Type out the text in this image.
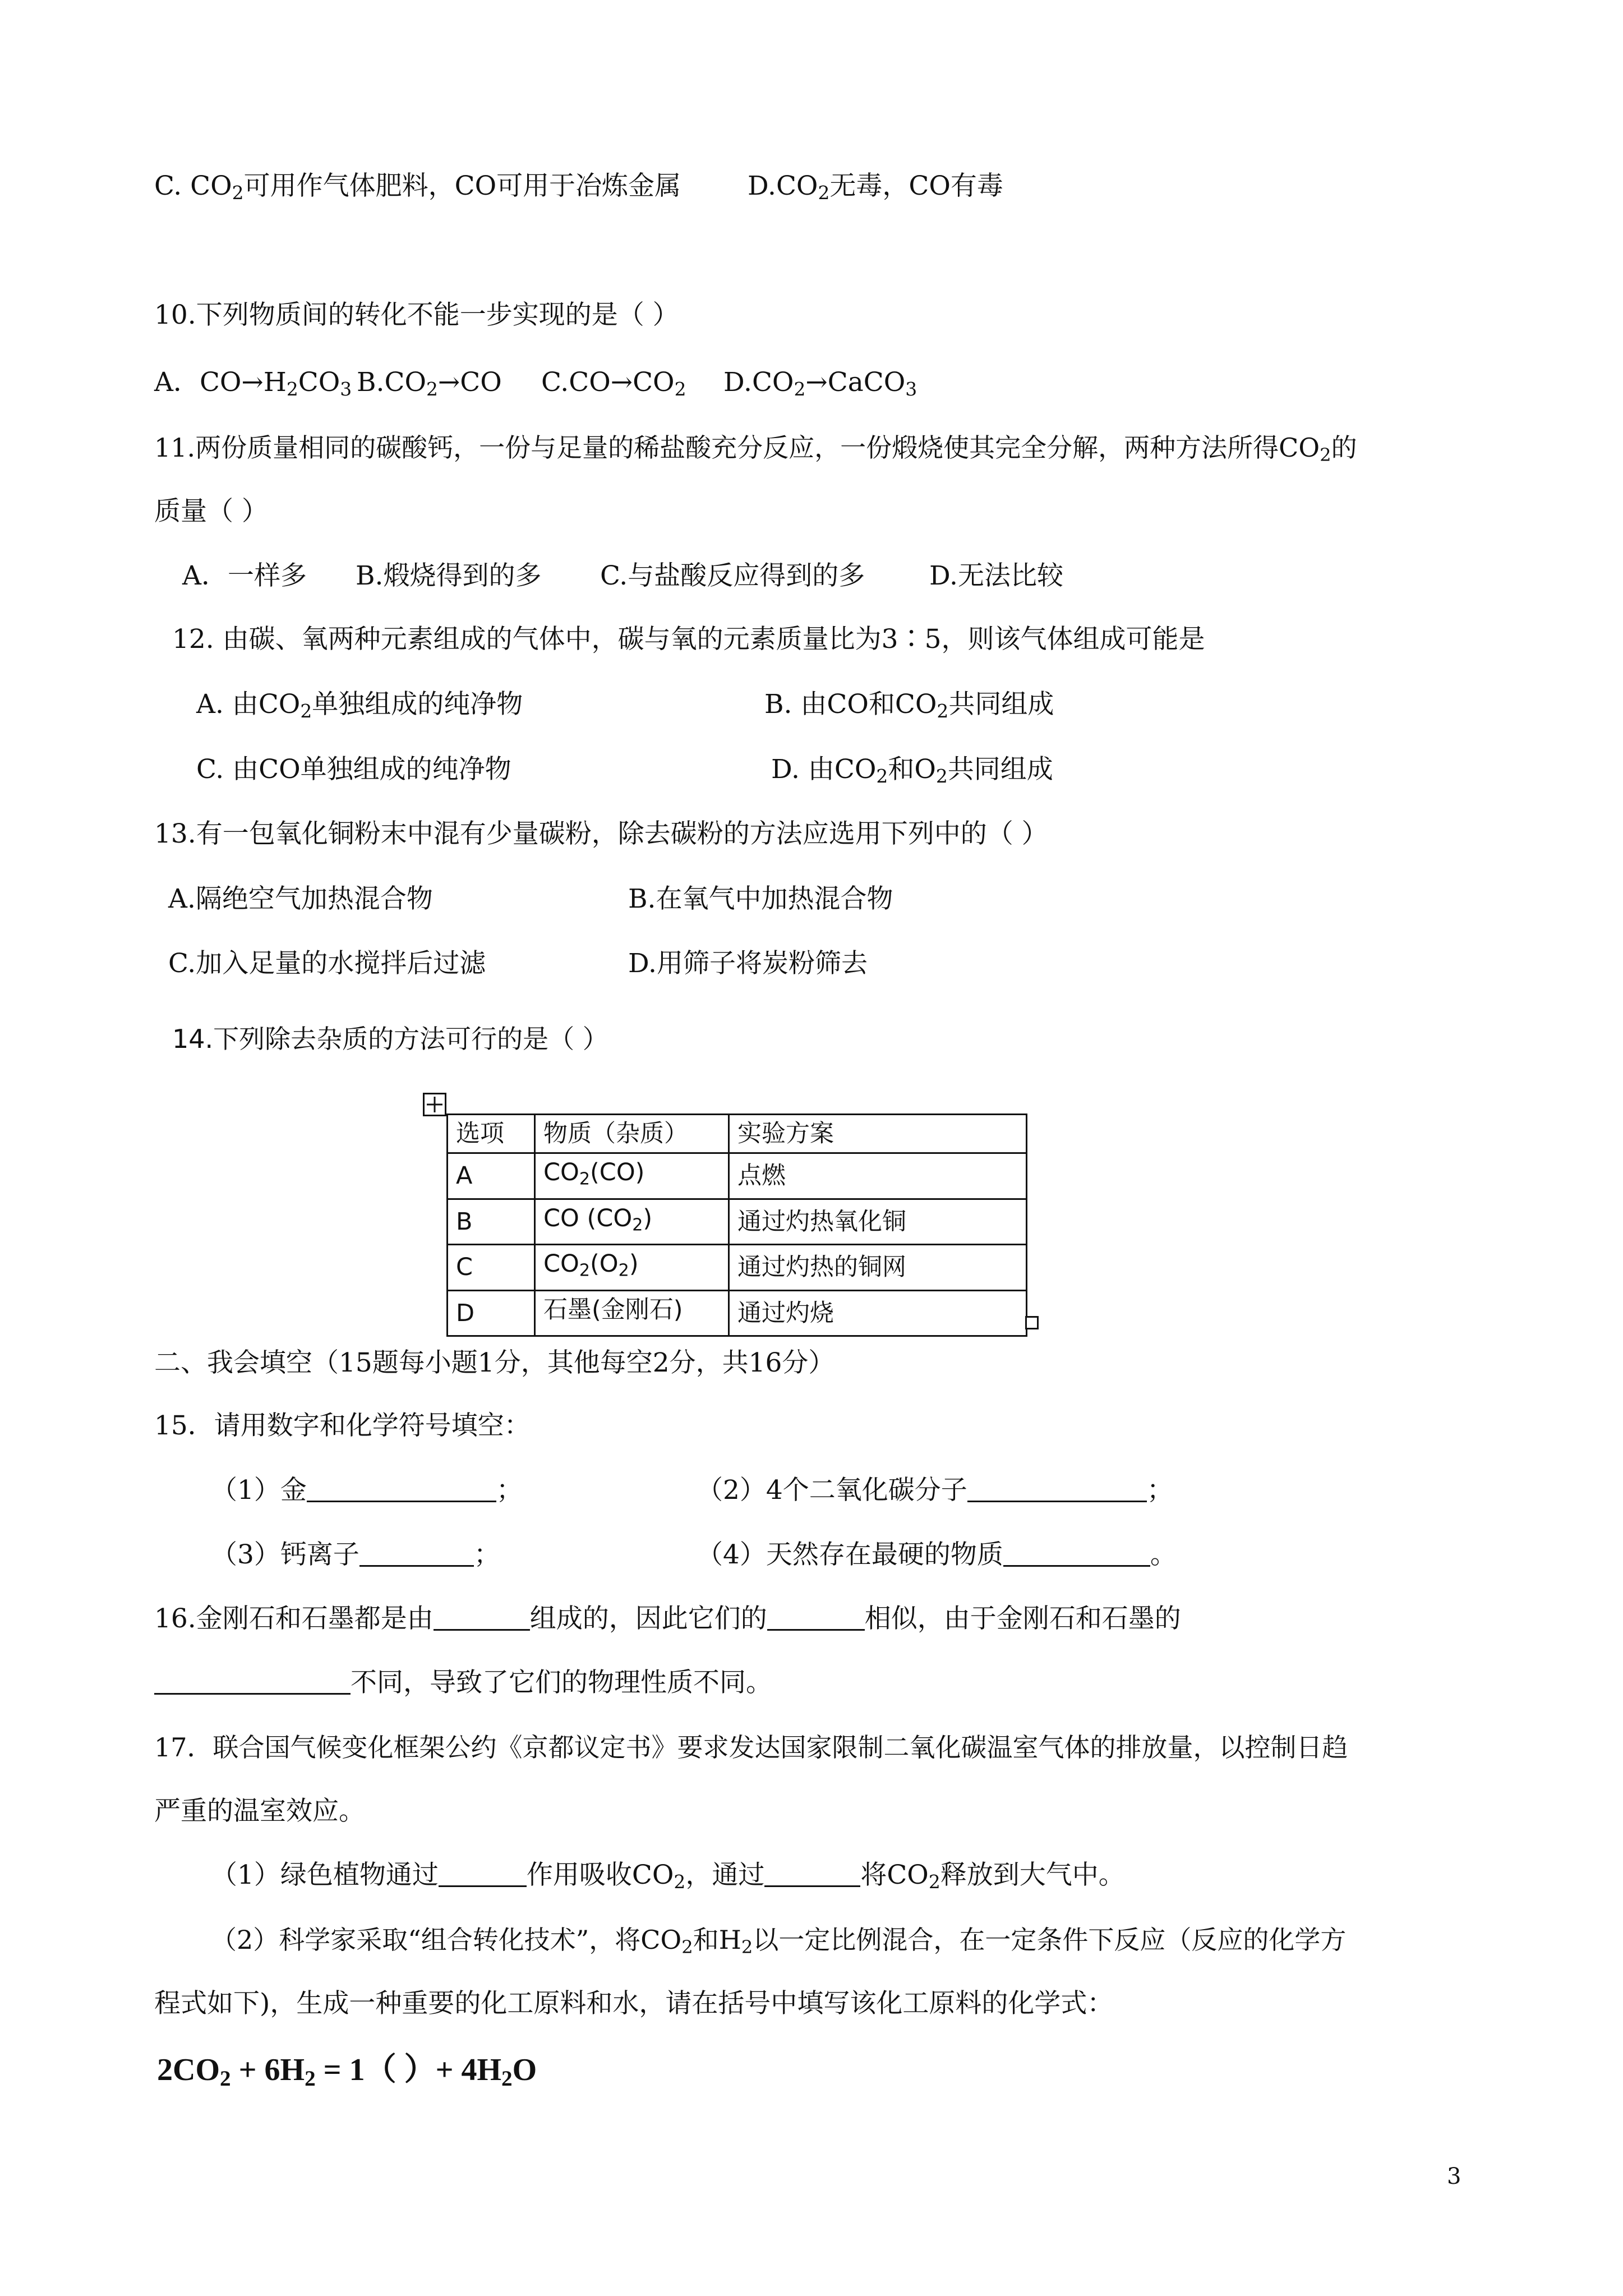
C. CO2可用作气体肥料，CO可用于冶炼金属	D.CO2无毒，CO有毒
10.下列物质间的转化不能一步实现的是（ ）
A．CO→H2CO3 B.CO2→CO C.CO→CO2 D.CO2→CaCO3
11.两份质量相同的碳酸钙，一份与足量的稀盐酸充分反应，一份煅烧使其完全分解，两种方法所得CO2的
质量（ ）
A．一样多 B.煅烧得到的多 C.与盐酸反应得到的多 D.无法比较
12. 由碳、氧两种元素组成的气体中，碳与氧的元素质量比为3∶5，则该气体组成可能是
A. 由CO2单独组成的纯净物	B. 由CO和CO2共同组成
C. 由CO单独组成的纯净物	D. 由CO2和O2共同组成
13.有一包氧化铜粉末中混有少量碳粉，除去碳粉的方法应选用下列中的（ ）
A.隔绝空气加热混合物	B.在氧气中加热混合物
C.加入足量的水搅拌后过滤	D.用筛子将炭粉筛去
14.下列除去杂质的方法可行的是（ ）
选项	物质（杂质）	实验方案
A	CO2(CO)	点燃
B	CO (CO2)	通过灼热氧化铜
C	CO2(O2)	通过灼热的铜网
D	石墨(金刚石)	通过灼烧
二、我会填空（15题每小题1分，其他每空2分，共16分）
15．请用数字和化学符号填空：
（1）金	；	（2）4个二氧化碳分子	；
（3）钙离子	；	（4）天然存在最硬的物质	。
16.金刚石和石墨都是由	组成的，因此它们的	相似，由于金刚石和石墨的
不同，导致了它们的物理性质不同。
17．联合国气候变化框架公约《京都议定书》要求发达国家限制二氧化碳温室气体的排放量，以控制日趋
严重的温室效应。
（1）绿色植物通过	作用吸收CO2，通过	将CO2释放到大气中。
（2）科学家采取“组合转化技术”，将CO2和H2以一定比例混合，在一定条件下反应（反应的化学方
程式如下)，生成一种重要的化工原料和水，请在括号中填写该化工原料的化学式：
2CO2 + 6H2 = 1（ ）+ 4H2O
3
